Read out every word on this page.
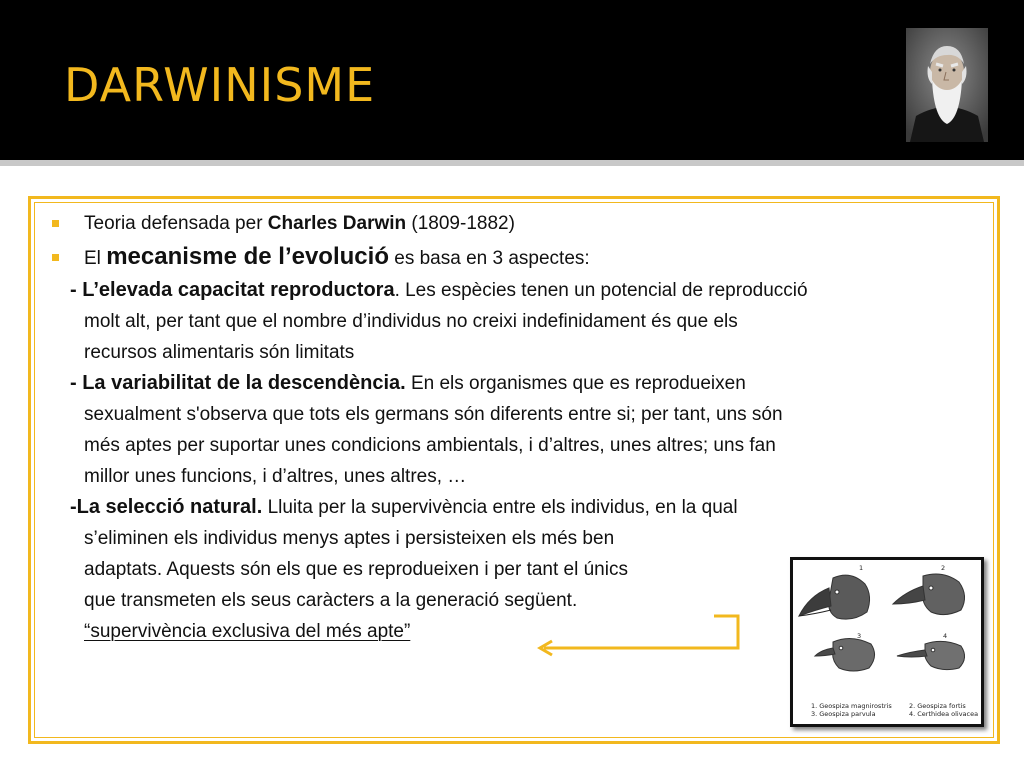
DARWINISME
Teoria defensada per Charles Darwin (1809-1882)
El mecanisme de l’evolució es basa en 3 aspectes:
- L’elevada capacitat reproductora. Les espècies tenen un potencial de reproducció
molt alt, per tant que el nombre d’individus no creixi indefinidament és que els
recursos alimentaris són limitats
- La variabilitat de la descendència. En els organismes que es reprodueixen
sexualment s'observa que tots els germans són diferents entre si; per tant, uns són
més aptes per suportar unes condicions ambientals, i d’altres, unes altres; uns fan
millor unes funcions, i d’altres, unes altres, …
-La selecció natural. Lluita per la supervivència entre els individus, en la qual
s’eliminen els individus menys aptes i persisteixen els més ben
adaptats. Aquests són els que es reprodueixen i per tant el únics
que transmeten els seus caràcters a la generació següent.
“supervivència exclusiva del més apte”
1	2
3	4
1. Geospiza magnirostris
3. Geospiza parvula
2. Geospiza fortis
4. Certhidea olivacea
